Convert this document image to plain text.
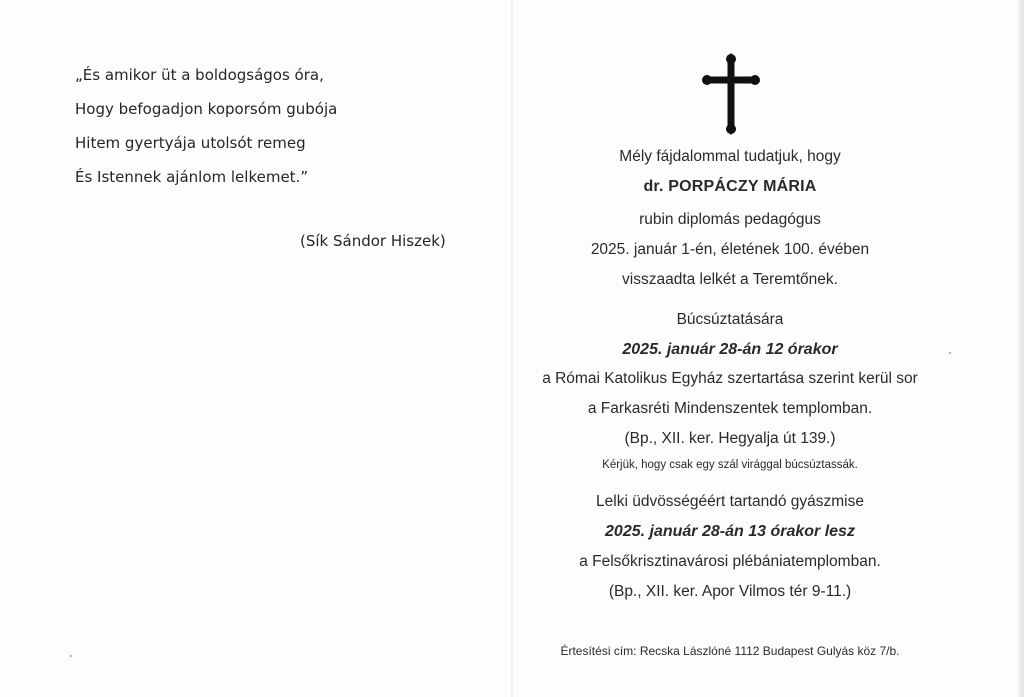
„És amikor üt a boldogságos óra,
Hogy befogadjon koporsóm gubója
Hitem gyertyája utolsót remeg
És Istennek ajánlom lelkemet.”
(Sík Sándor Hiszek)
Mély fájdalommal tudatjuk, hogy
dr. PORPÁCZY MÁRIA
rubin diplomás pedagógus
2025. január 1-én, életének 100. évében
visszaadta lelkét a Teremtőnek.
Búcsúztatására
2025. január 28-án 12 órakor
a Római Katolikus Egyház szertartása szerint kerül sor
a Farkasréti Mindenszentek templomban.
(Bp., XII. ker. Hegyalja út 139.)
Kérjük, hogy csak egy szál virággal búcsúztassák.
Lelki üdvösségéért tartandó gyászmise
2025. január 28-án 13 órakor lesz
a Felsőkrisztinavárosi plébániatemplomban.
(Bp., XII. ker. Apor Vilmos tér 9-11.)
Értesítési cím: Recska Lászlóné 1112 Budapest Gulyás köz 7/b.
